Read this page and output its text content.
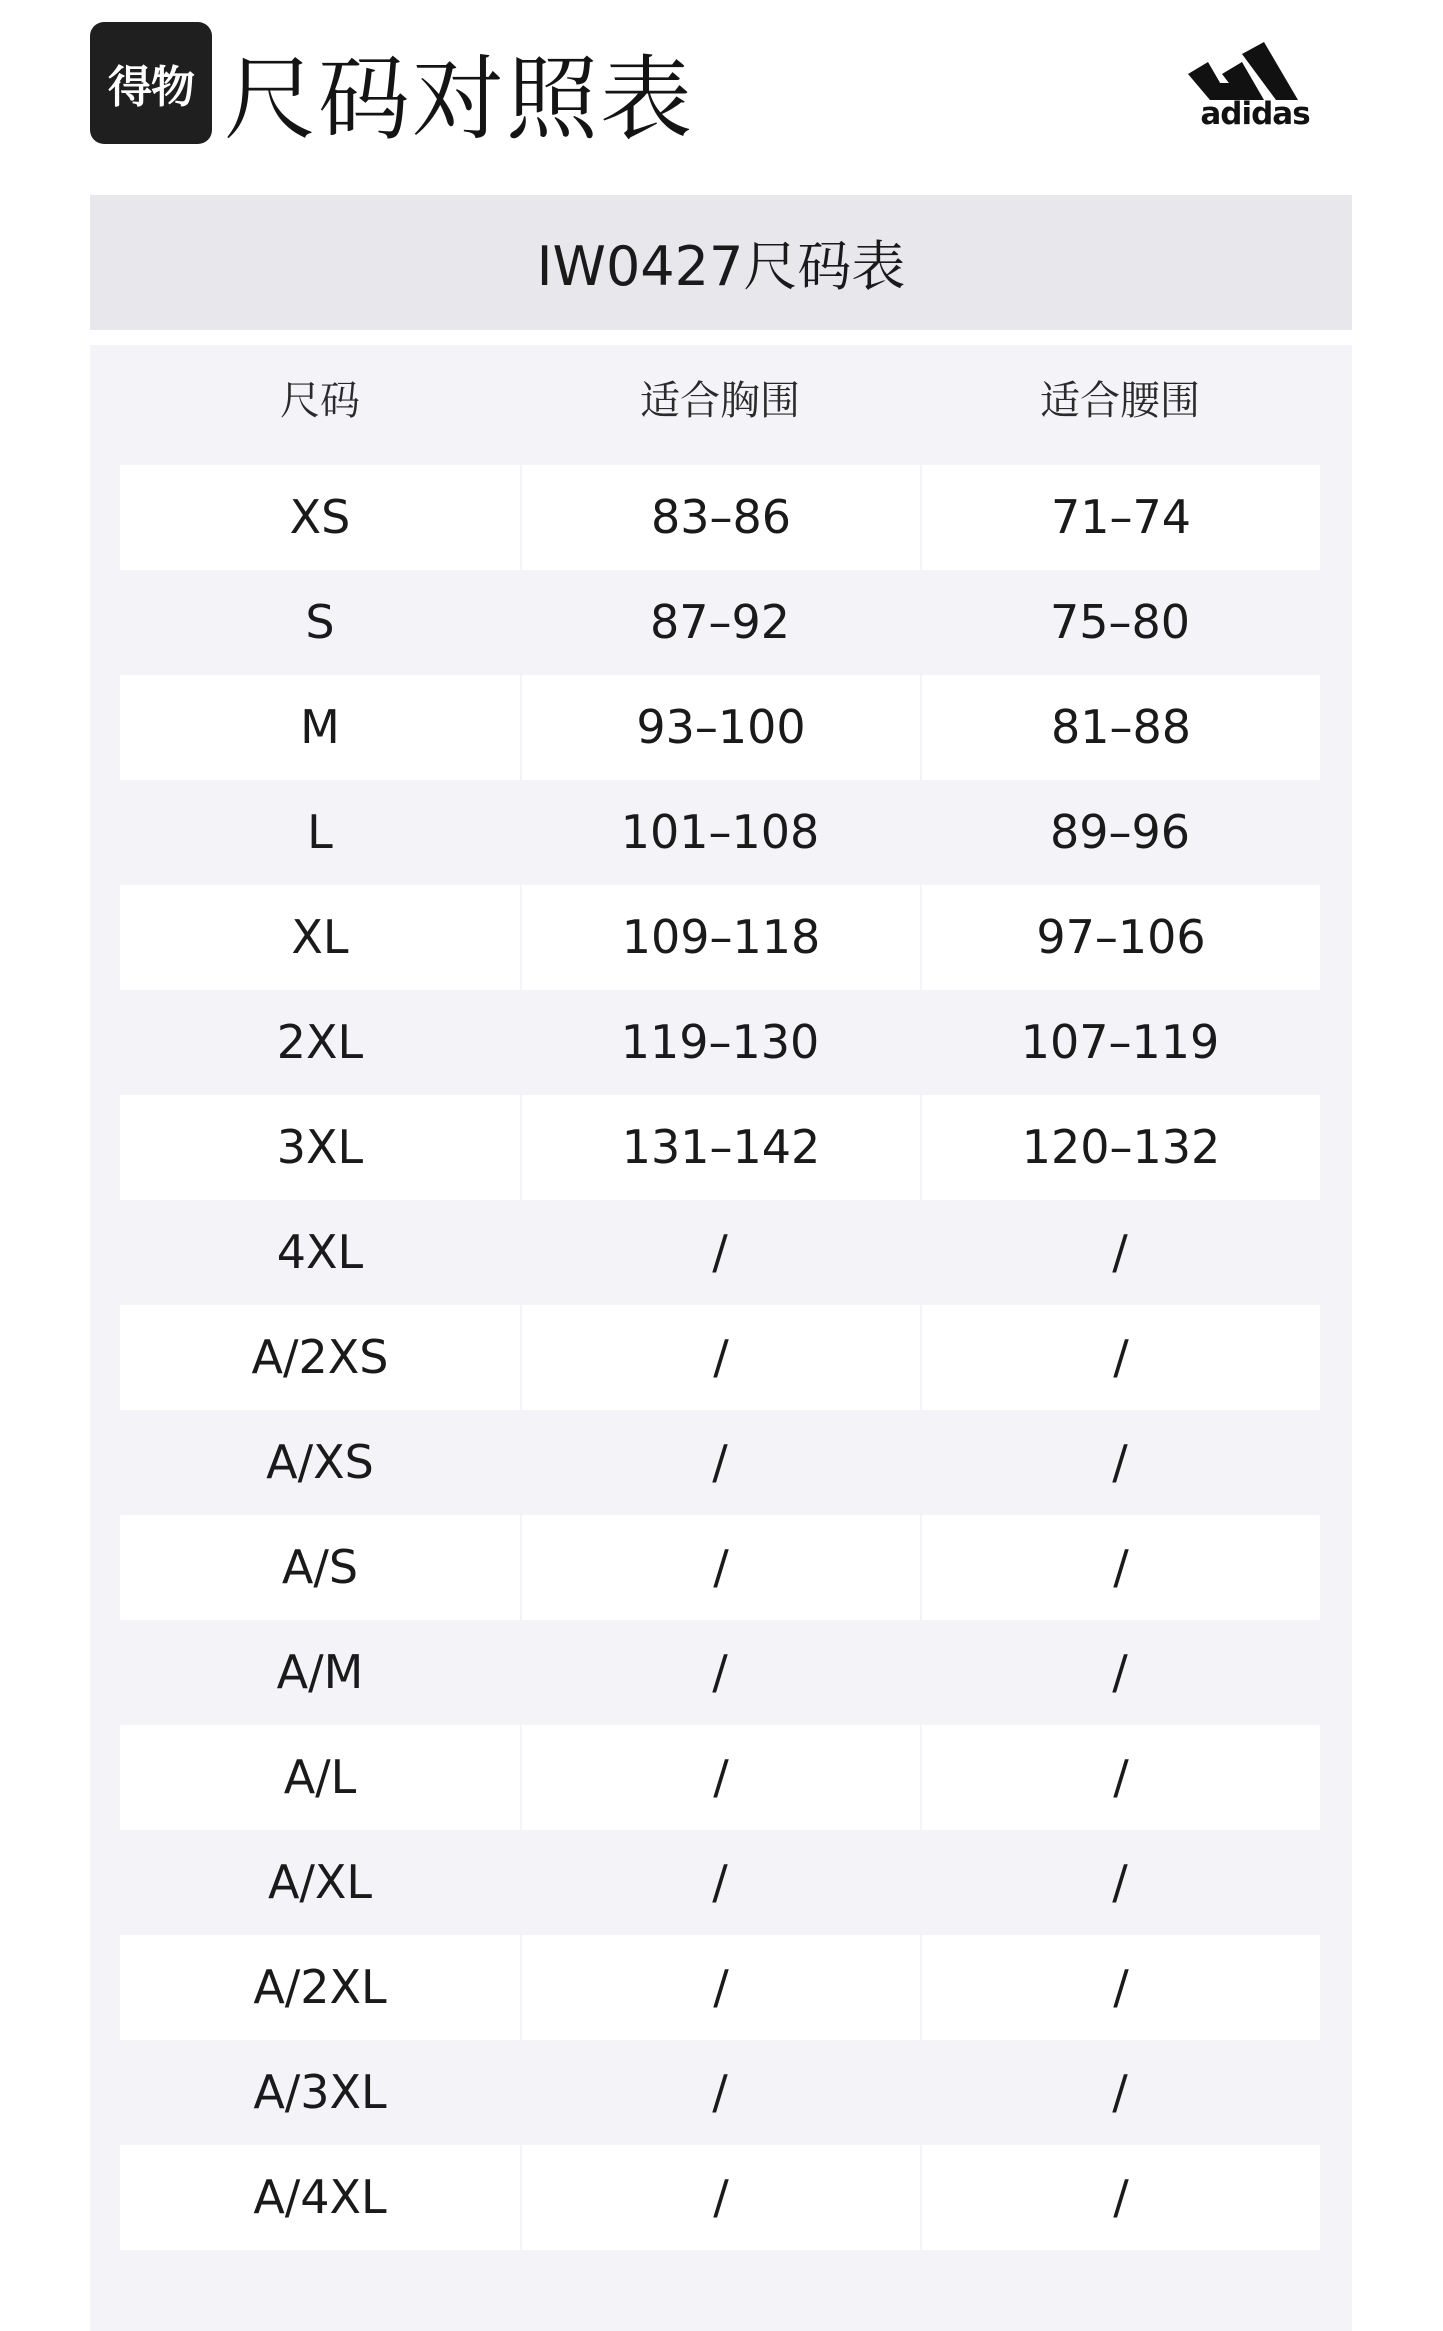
得物 尺码对照表	adidas
IW0427尺码表
尺码	适合胸围	适合腰围
XS	83–86	71–74
S	87–92	75–80
M	93–100	81–88
L	101–108	89–96
XL	109–118	97–106
2XL	119–130	107–119
3XL	131–142	120–132
4XL	/	/
A/2XS	/	/
A/XS	/	/
A/S	/	/
A/M	/	/
A/L	/	/
A/XL	/	/
A/2XL	/	/
A/3XL	/	/
A/4XL	/	/
